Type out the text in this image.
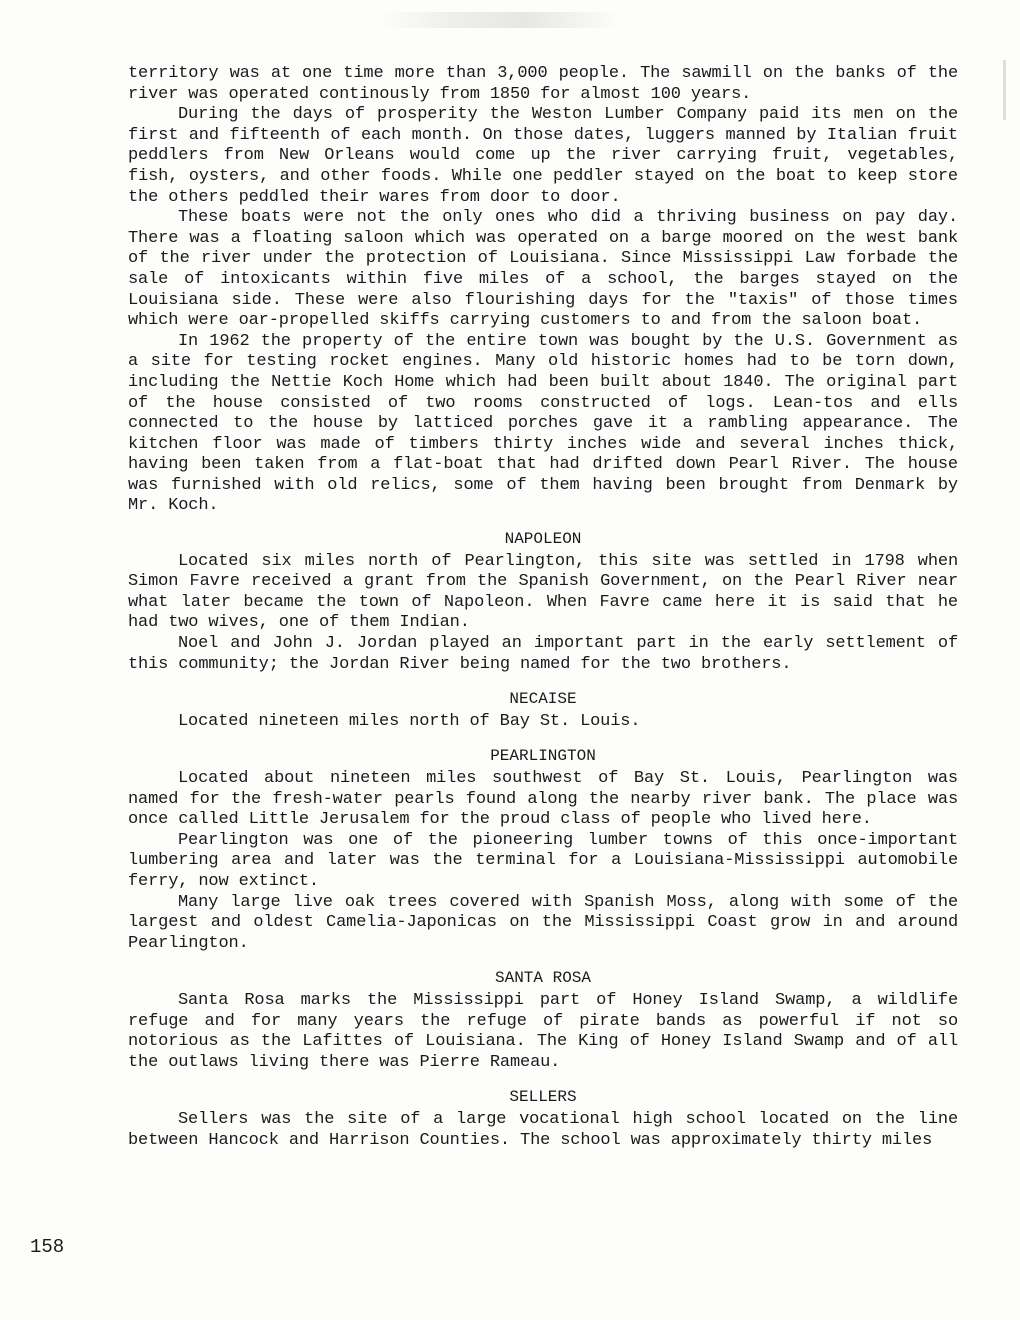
territory was at one time more than 3,000 people. The sawmill on the banks of the river was operated continously from 1850 for almost 100 years.

During the days of prosperity the Weston Lumber Company paid its men on the first and fifteenth of each month. On those dates, luggers manned by Italian fruit peddlers from New Orleans would come up the river carrying fruit, vegetables, fish, oysters, and other foods. While one peddler stayed on the boat to keep store the others peddled their wares from door to door.

These boats were not the only ones who did a thriving business on pay day. There was a floating saloon which was operated on a barge moored on the west bank of the river under the protection of Louisiana. Since Mississippi Law forbade the sale of intoxicants within five miles of a school, the barges stayed on the Louisiana side. These were also flourishing days for the "taxis" of those times which were oar-propelled skiffs carrying customers to and from the saloon boat.

In 1962 the property of the entire town was bought by the U.S. Government as a site for testing rocket engines. Many old historic homes had to be torn down, including the Nettie Koch Home which had been built about 1840. The original part of the house consisted of two rooms constructed of logs. Lean-tos and ells connected to the house by latticed porches gave it a rambling appearance. The kitchen floor was made of timbers thirty inches wide and several inches thick, having been taken from a flat-boat that had drifted down Pearl River. The house was furnished with old relics, some of them having been brought from Denmark by Mr. Koch.

NAPOLEON

Located six miles north of Pearlington, this site was settled in 1798 when Simon Favre received a grant from the Spanish Government, on the Pearl River near what later became the town of Napoleon. When Favre came here it is said that he had two wives, one of them Indian.

Noel and John J. Jordan played an important part in the early settlement of this community; the Jordan River being named for the two brothers.

NECAISE

Located nineteen miles north of Bay St. Louis.

PEARLINGTON

Located about nineteen miles southwest of Bay St. Louis, Pearlington was named for the fresh-water pearls found along the nearby river bank. The place was once called Little Jerusalem for the proud class of people who lived here.

Pearlington was one of the pioneering lumber towns of this once-important lumbering area and later was the terminal for a Louisiana-Mississippi automobile ferry, now extinct.

Many large live oak trees covered with Spanish Moss, along with some of the largest and oldest Camelia-Japonicas on the Mississippi Coast grow in and around Pearlington.

SANTA ROSA

Santa Rosa marks the Mississippi part of Honey Island Swamp, a wildlife refuge and for many years the refuge of pirate bands as powerful if not so notorious as the Lafittes of Louisiana. The King of Honey Island Swamp and of all the outlaws living there was Pierre Rameau.

SELLERS

Sellers was the site of a large vocational high school located on the line between Hancock and Harrison Counties. The school was approximately thirty miles

158
